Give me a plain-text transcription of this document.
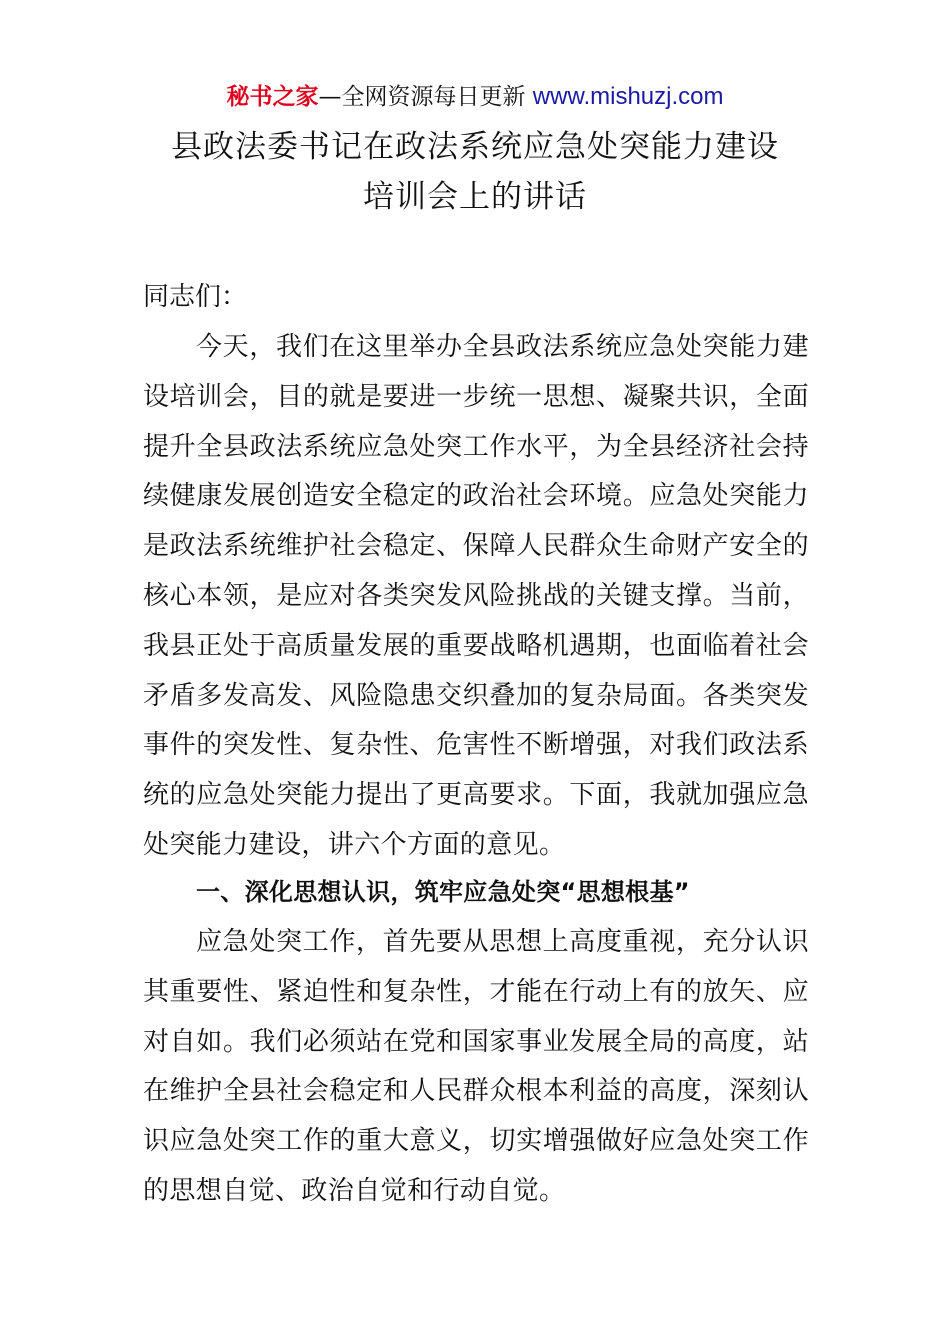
秘书之家—全网资源每日更新 www.mishuzj.com
县政法委书记在政法系统应急处突能力建设
培训会上的讲话
同志们：

今天，我们在这里举办全县政法系统应急处突能力建设培训会，目的就是要进一步统一思想、凝聚共识，全面提升全县政法系统应急处突工作水平，为全县经济社会持续健康发展创造安全稳定的政治社会环境。应急处突能力是政法系统维护社会稳定、保障人民群众生命财产安全的核心本领，是应对各类突发风险挑战的关键支撑。当前，我县正处于高质量发展的重要战略机遇期，也面临着社会矛盾多发高发、风险隐患交织叠加的复杂局面。各类突发事件的突发性、复杂性、危害性不断增强，对我们政法系统的应急处突能力提出了更高要求。下面，我就加强应急处突能力建设，讲六个方面的意见。

一、深化思想认识，筑牢应急处突“思想根基”

应急处突工作，首先要从思想上高度重视，充分认识其重要性、紧迫性和复杂性，才能在行动上有的放矢、应对自如。我们必须站在党和国家事业发展全局的高度，站在维护全县社会稳定和人民群众根本利益的高度，深刻认识应急处突工作的重大意义，切实增强做好应急处突工作的思想自觉、政治自觉和行动自觉。
